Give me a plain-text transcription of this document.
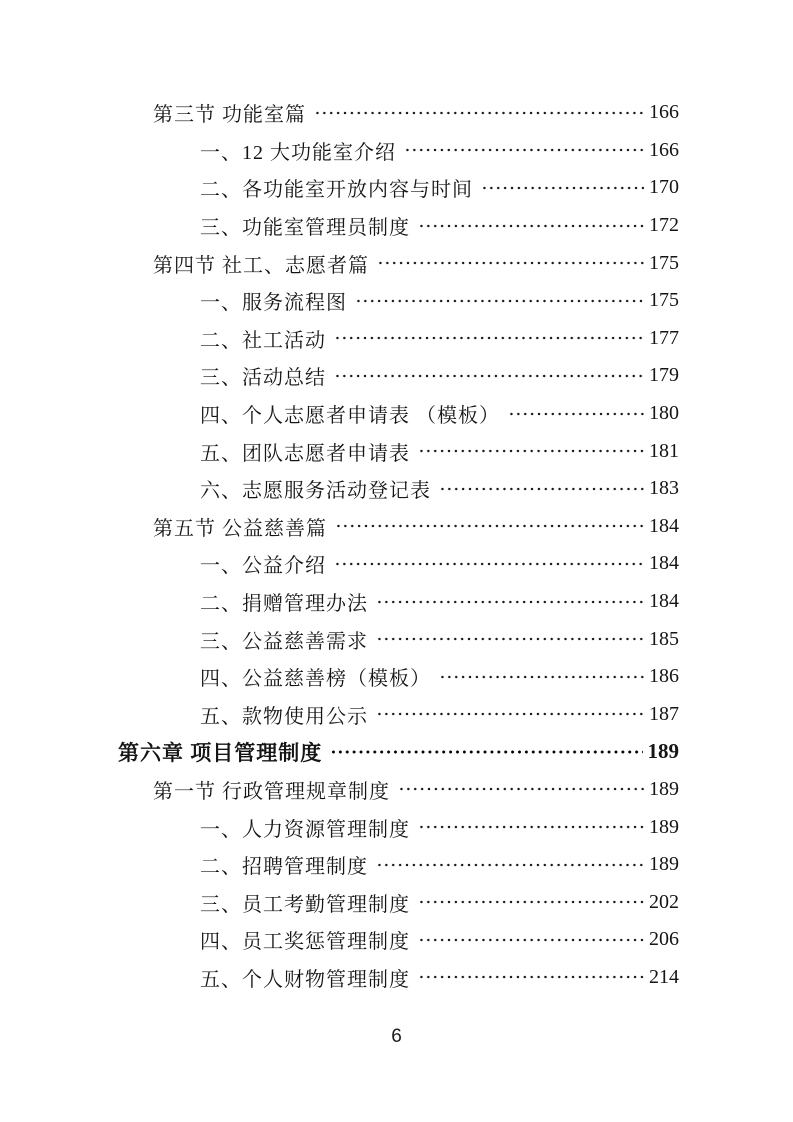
第三节 功能室篇	166
一、12 大功能室介绍	166
二、各功能室开放内容与时间	170
三、功能室管理员制度	172
第四节 社工、志愿者篇	175
一、服务流程图	175
二、社工活动	177
三、活动总结	179
四、个人志愿者申请表 （模板）	180
五、团队志愿者申请表	181
六、志愿服务活动登记表	183
第五节 公益慈善篇	184
一、公益介绍	184
二、捐赠管理办法	184
三、公益慈善需求	185
四、公益慈善榜（模板）	186
五、款物使用公示	187
第六章 项目管理制度	189
第一节 行政管理规章制度	189
一、人力资源管理制度	189
二、招聘管理制度	189
三、员工考勤管理制度	202
四、员工奖惩管理制度	206
五、个人财物管理制度	214
6
